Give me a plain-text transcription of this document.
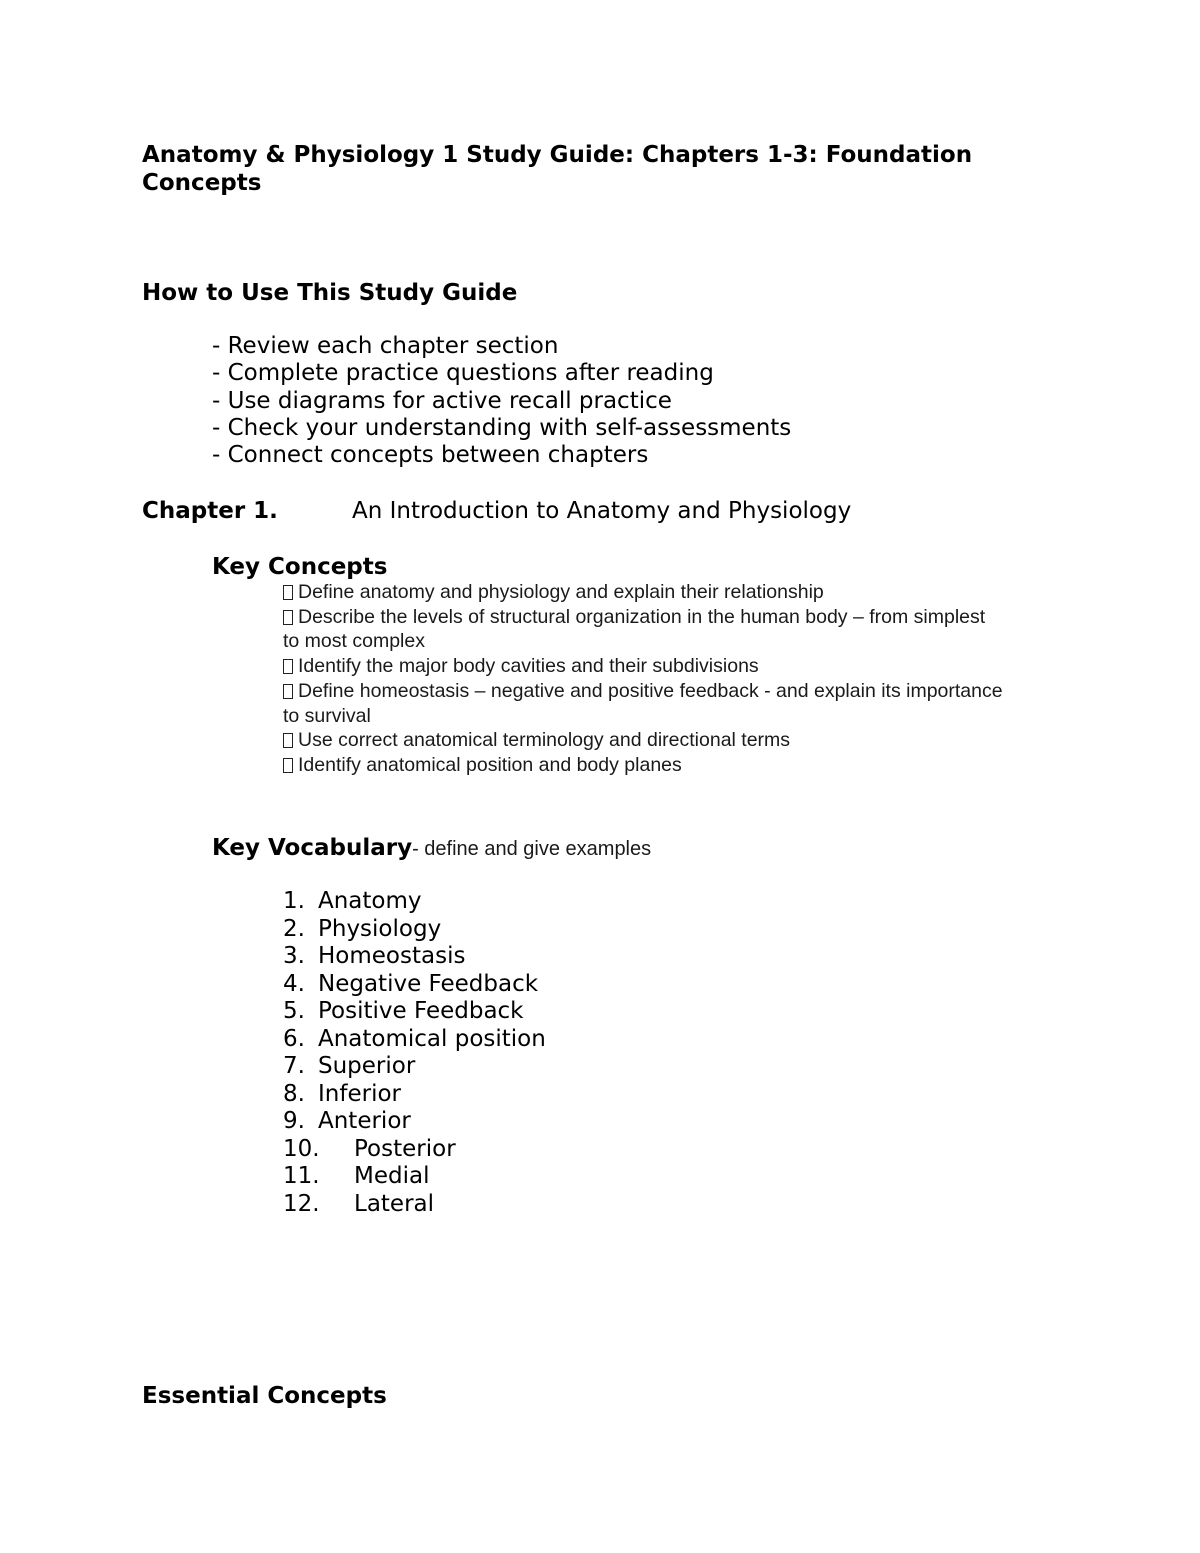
Anatomy & Physiology 1 Study Guide: Chapters 1-3: Foundation Concepts
How to Use This Study Guide
- Review each chapter section
- Complete practice questions after reading
- Use diagrams for active recall practice
- Check your understanding with self-assessments
- Connect concepts between chapters
Chapter 1.	An Introduction to Anatomy and Physiology
Key Concepts
Define anatomy and physiology and explain their relationship
Describe the levels of structural organization in the human body – from simplest to most complex
Identify the major body cavities and their subdivisions
Define homeostasis – negative and positive feedback - and explain its importance to survival
Use correct anatomical terminology and directional terms
Identify anatomical position and body planes
Key Vocabulary- define and give examples
1. Anatomy
2. Physiology
3. Homeostasis
4. Negative Feedback
5. Positive Feedback
6. Anatomical position
7. Superior
8. Inferior
9. Anterior
10. Posterior
11. Medial
12. Lateral
Essential Concepts
